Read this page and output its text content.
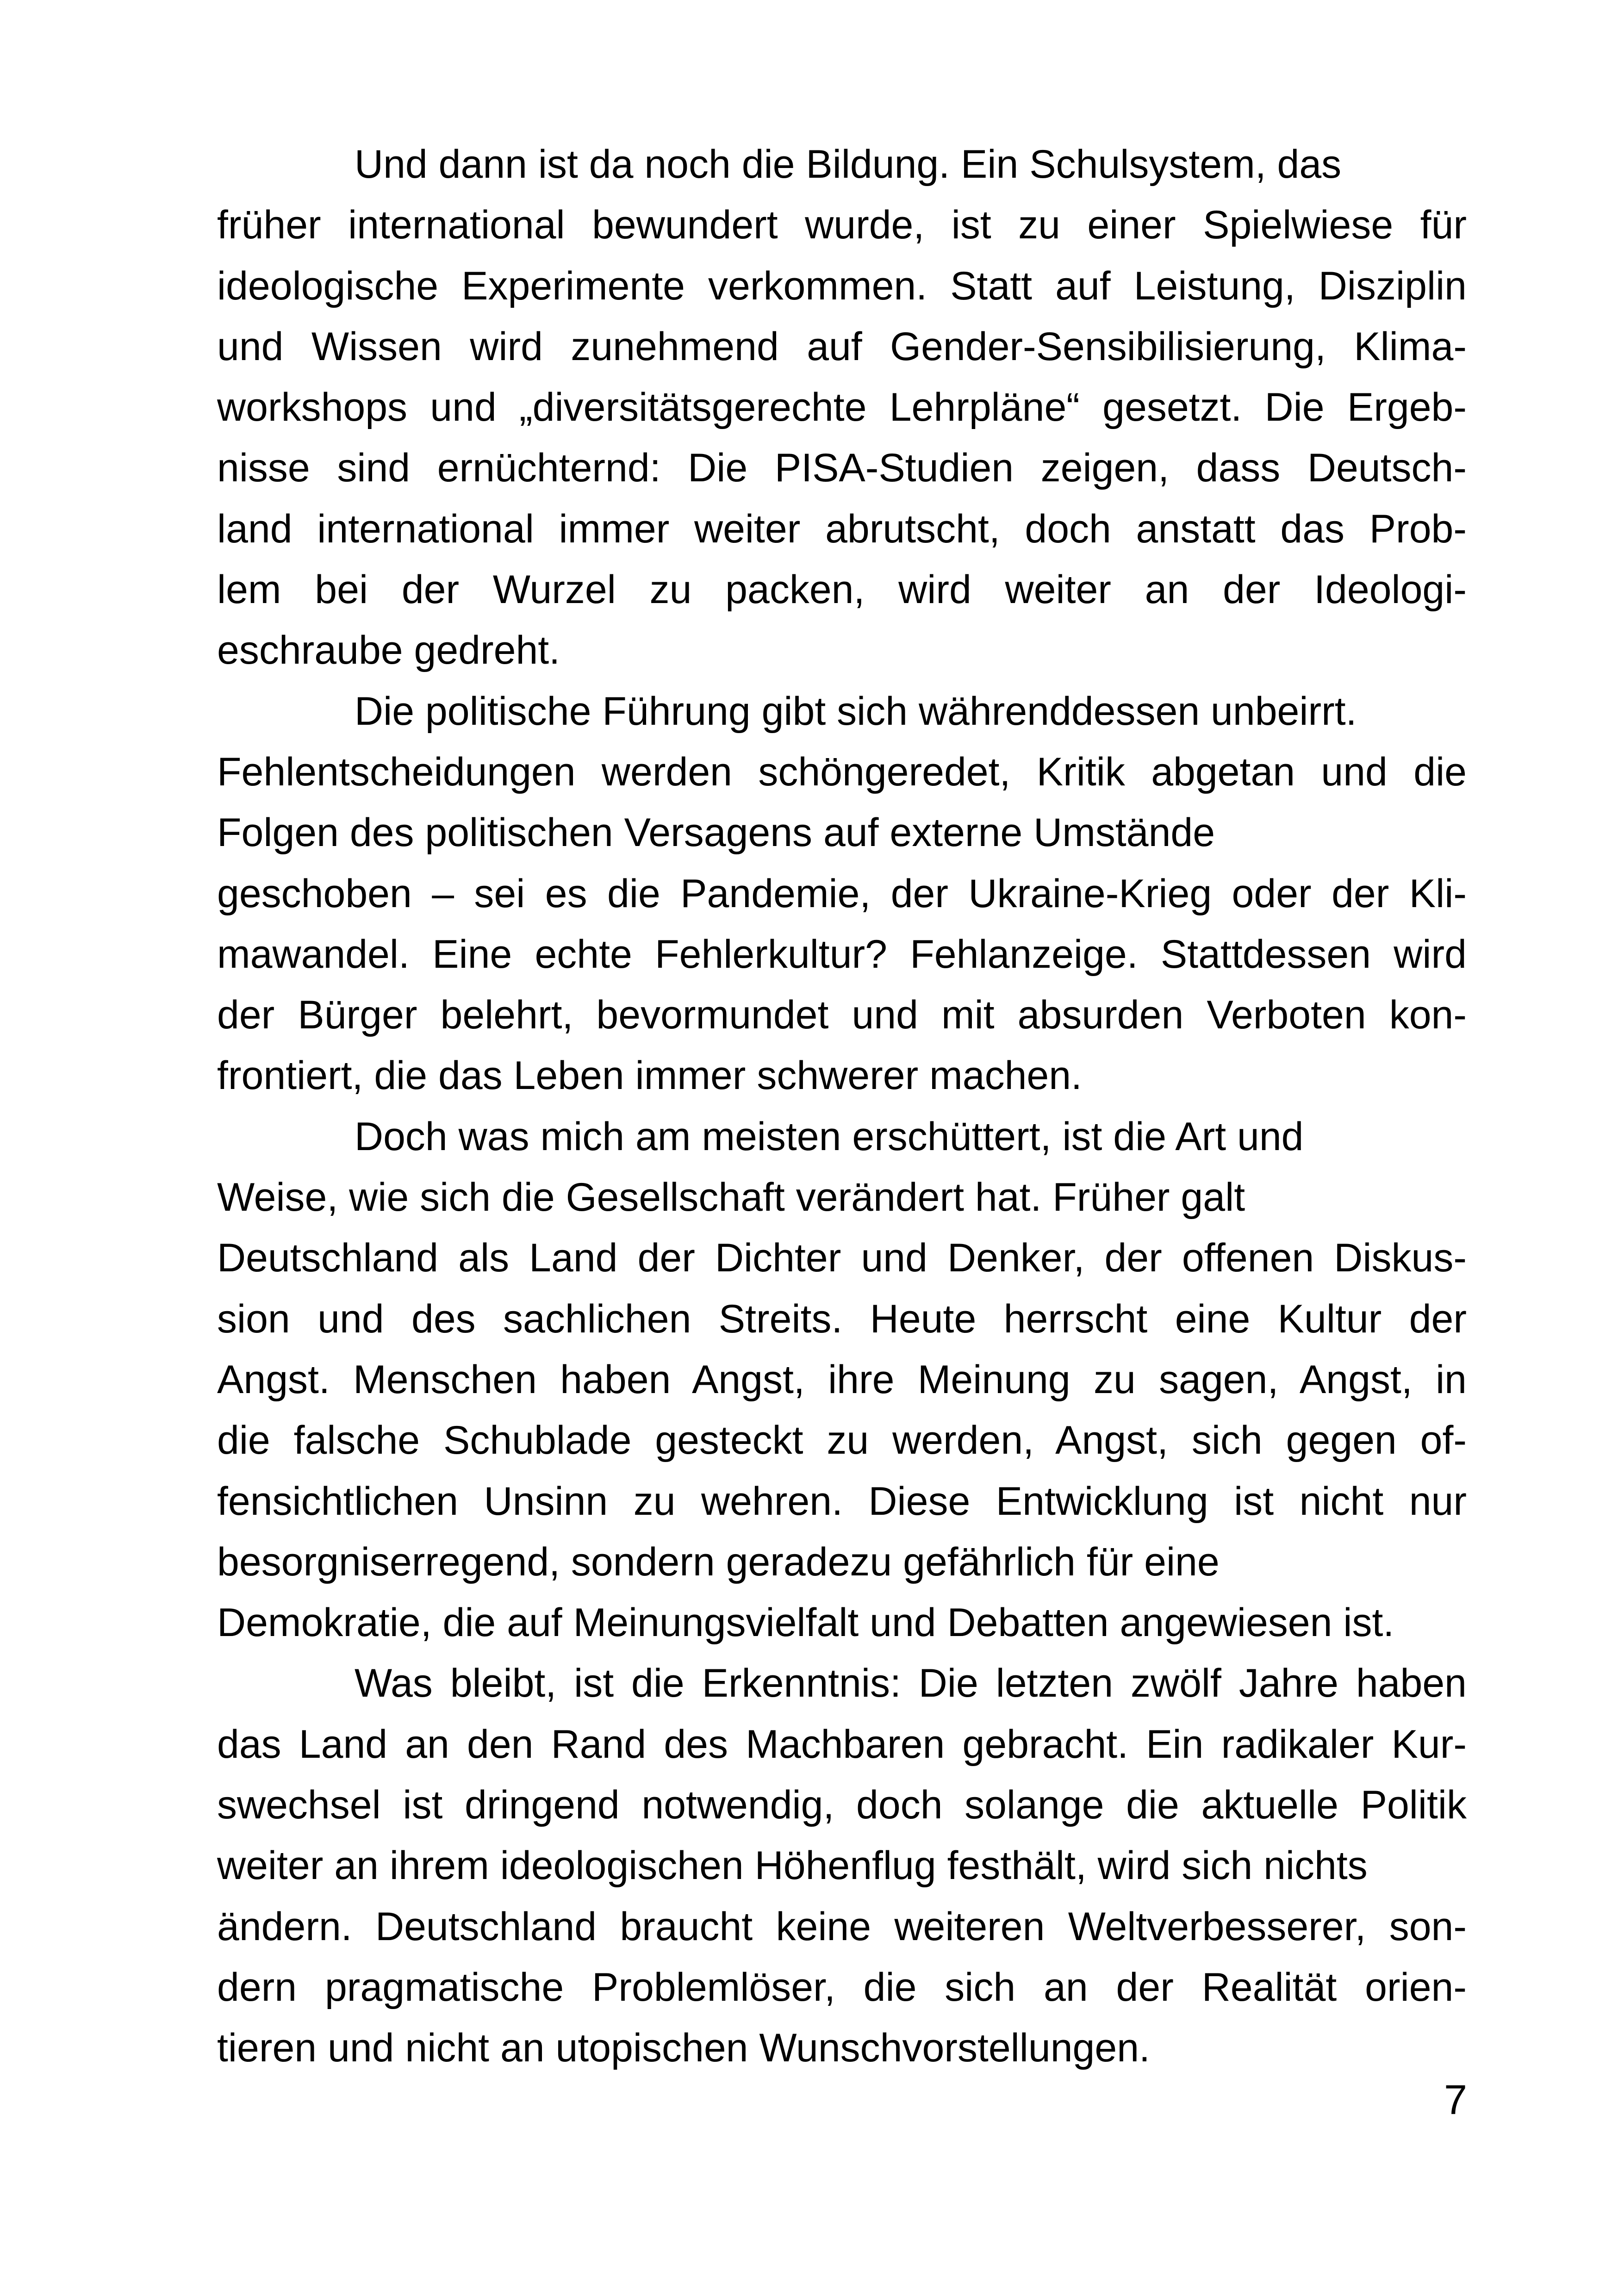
Und dann ist da noch die Bildung. Ein Schulsystem, das
früher international bewundert wurde, ist zu einer Spielwiese für
ideologische Experimente verkommen. Statt auf Leistung, Disziplin
und Wissen wird zunehmend auf Gender-Sensibilisierung, Klima-
workshops und „diversitätsgerechte Lehrpläne“ gesetzt. Die Ergeb-
nisse sind ernüchternd: Die PISA-Studien zeigen, dass Deutsch-
land international immer weiter abrutscht, doch anstatt das Prob-
lem bei der Wurzel zu packen, wird weiter an der Ideologi-
eschraube gedreht.
Die politische Führung gibt sich währenddessen unbeirrt.
Fehlentscheidungen werden schöngeredet, Kritik abgetan und die
Folgen des politischen Versagens auf externe Umstände
geschoben – sei es die Pandemie, der Ukraine-Krieg oder der Kli-
mawandel. Eine echte Fehlerkultur? Fehlanzeige. Stattdessen wird
der Bürger belehrt, bevormundet und mit absurden Verboten kon-
frontiert, die das Leben immer schwerer machen.
Doch was mich am meisten erschüttert, ist die Art und
Weise, wie sich die Gesellschaft verändert hat. Früher galt
Deutschland als Land der Dichter und Denker, der offenen Diskus-
sion und des sachlichen Streits. Heute herrscht eine Kultur der
Angst. Menschen haben Angst, ihre Meinung zu sagen, Angst, in
die falsche Schublade gesteckt zu werden, Angst, sich gegen of-
fensichtlichen Unsinn zu wehren. Diese Entwicklung ist nicht nur
besorgniserregend, sondern geradezu gefährlich für eine
Demokratie, die auf Meinungsvielfalt und Debatten angewiesen ist.
Was bleibt, ist die Erkenntnis: Die letzten zwölf Jahre haben
das Land an den Rand des Machbaren gebracht. Ein radikaler Kur-
swechsel ist dringend notwendig, doch solange die aktuelle Politik
weiter an ihrem ideologischen Höhenflug festhält, wird sich nichts
ändern. Deutschland braucht keine weiteren Weltverbesserer, son-
dern pragmatische Problemlöser, die sich an der Realität orien-
tieren und nicht an utopischen Wunschvorstellungen.
7
